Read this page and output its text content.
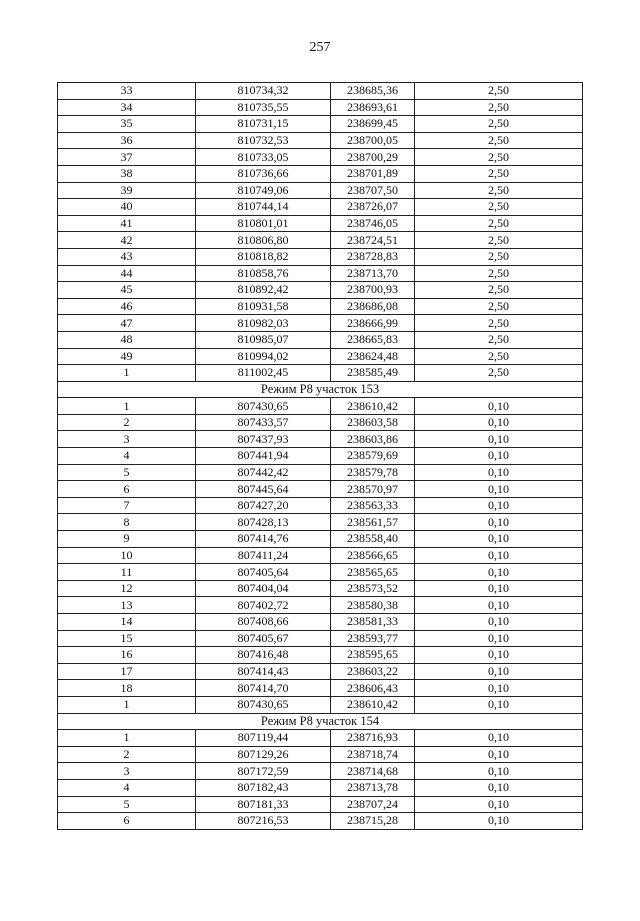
257
33	810734,32	238685,36	2,50
34	810735,55	238693,61	2,50
35	810731,15	238699,45	2,50
36	810732,53	238700,05	2,50
37	810733,05	238700,29	2,50
38	810736,66	238701,89	2,50
39	810749,06	238707,50	2,50
40	810744,14	238726,07	2,50
41	810801,01	238746,05	2,50
42	810806,80	238724,51	2,50
43	810818,82	238728,83	2,50
44	810858,76	238713,70	2,50
45	810892,42	238700,93	2,50
46	810931,58	238686,08	2,50
47	810982,03	238666,99	2,50
48	810985,07	238665,83	2,50
49	810994,02	238624,48	2,50
1	811002,45	238585,49	2,50
Режим Р8 участок 153			
1	807430,65	238610,42	0,10
2	807433,57	238603,58	0,10
3	807437,93	238603,86	0,10
4	807441,94	238579,69	0,10
5	807442,42	238579,78	0,10
6	807445,64	238570,97	0,10
7	807427,20	238563,33	0,10
8	807428,13	238561,57	0,10
9	807414,76	238558,40	0,10
10	807411,24	238566,65	0,10
11	807405,64	238565,65	0,10
12	807404,04	238573,52	0,10
13	807402,72	238580,38	0,10
14	807408,66	238581,33	0,10
15	807405,67	238593,77	0,10
16	807416,48	238595,65	0,10
17	807414,43	238603,22	0,10
18	807414,70	238606,43	0,10
1	807430,65	238610,42	0,10
Режим Р8 участок 154			
1	807119,44	238716,93	0,10
2	807129,26	238718,74	0,10
3	807172,59	238714,68	0,10
4	807182,43	238713,78	0,10
5	807181,33	238707,24	0,10
6	807216,53	238715,28	0,10
